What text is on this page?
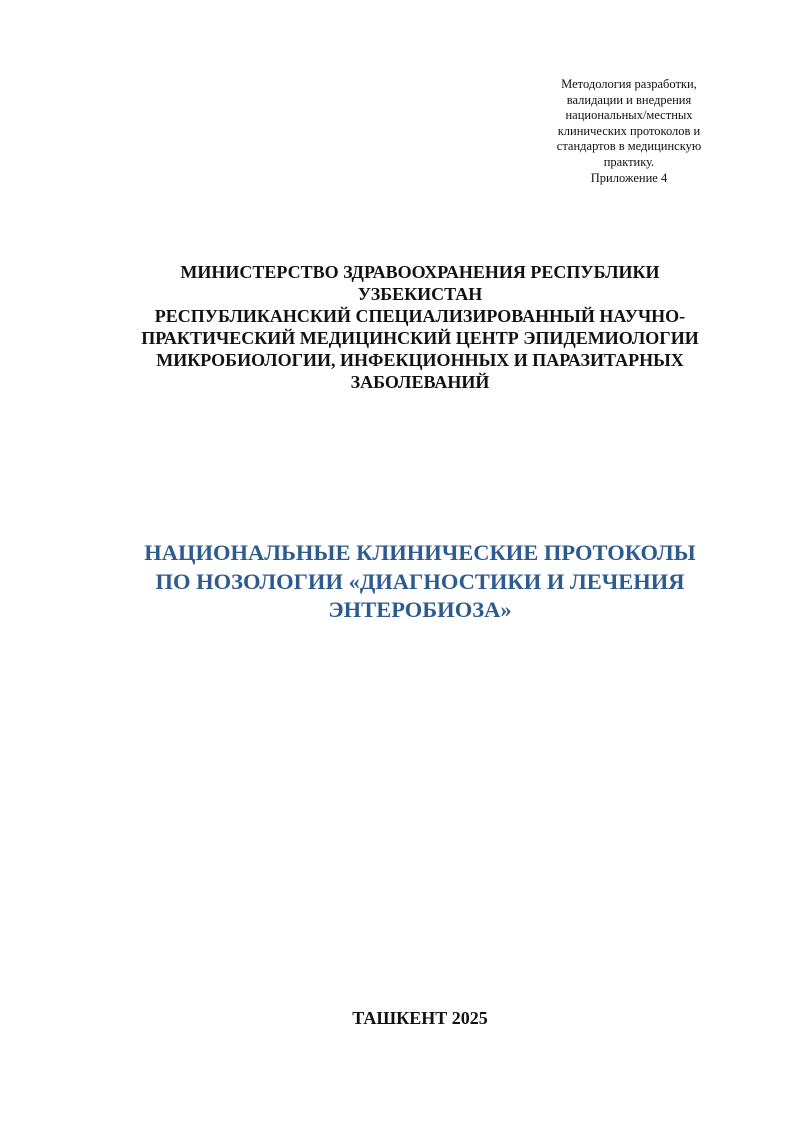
Методология разработки,
валидации и внедрения
национальных/местных
клинических протоколов и
стандартов в медицинскую
практику.
Приложение 4
МИНИСТЕРСТВО ЗДРАВООХРАНЕНИЯ РЕСПУБЛИКИ
УЗБЕКИСТАН
РЕСПУБЛИКАНСКИЙ СПЕЦИАЛИЗИРОВАННЫЙ НАУЧНО-
ПРАКТИЧЕСКИЙ МЕДИЦИНСКИЙ ЦЕНТР ЭПИДЕМИОЛОГИИ
МИКРОБИОЛОГИИ, ИНФЕКЦИОННЫХ И ПАРАЗИТАРНЫХ
ЗАБОЛЕВАНИЙ
НАЦИОНАЛЬНЫЕ КЛИНИЧЕСКИЕ ПРОТОКОЛЫ
ПО НОЗОЛОГИИ «ДИАГНОСТИКИ И ЛЕЧЕНИЯ
ЭНТЕРОБИОЗА»
ТАШКЕНТ 2025
